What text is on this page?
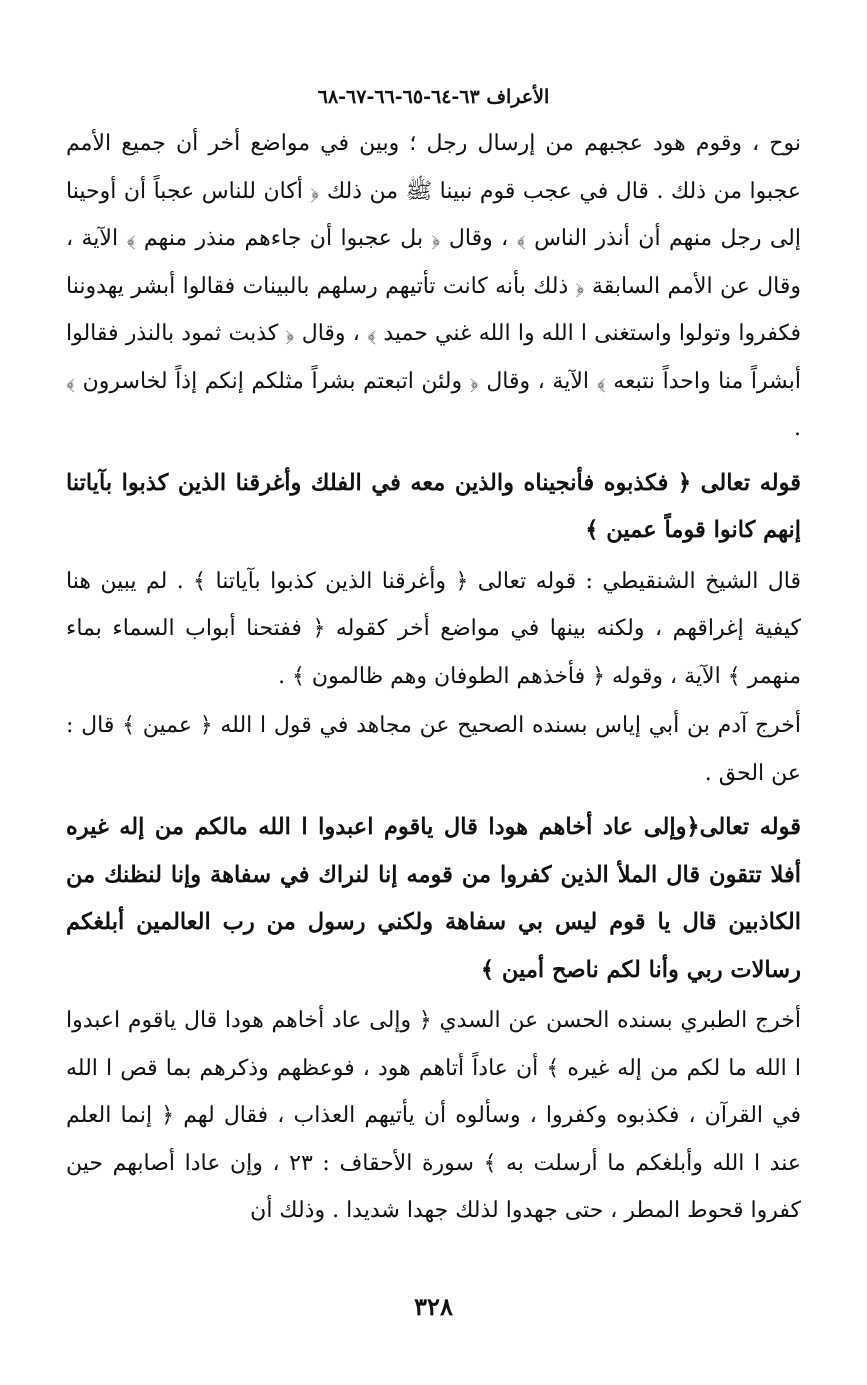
الأعراف ٦٣-٦٤-٦٥-٦٦-٦٧-٦٨

نوح ، وقوم هود عجبهم من إرسال رجل ؛ وبين في مواضع أخر أن جميع الأمم عجبوا من ذلك . قال في عجب قوم نبينا ﷺ من ذلك ﴿ أكان للناس عجباً أن أوحينا إلى رجل منهم أن أنذر الناس ﴾ ، وقال ﴿ بل عجبوا أن جاءهم منذر منهم ﴾ الآية ، وقال عن الأمم السابقة ﴿ ذلك بأنه كانت تأتيهم رسلهم بالبينات فقالوا أبشر يهدوننا فكفروا وتولوا واستغنى ا الله وا الله غني حميد ﴾ ، وقال ﴿ كذبت ثمود بالنذر فقالوا أبشراً منا واحداً نتبعه ﴾ الآية ، وقال ﴿ ولئن اتبعتم بشراً مثلكم إنكم إذاً لخاسرون ﴾ .

قوله تعالى ﴿ فكذبوه فأنجيناه والذين معه في الفلك وأغرقنا الذين كذبوا بآياتنا إنهم كانوا قوماً عمين ﴾

قال الشيخ الشنقيطي : قوله تعالى ﴿ وأغرقنا الذين كذبوا بآياتنا ﴾ . لم يبين هنا كيفية إغراقهم ، ولكنه بينها في مواضع أخر كقوله ﴿ ففتحنا أبواب السماء بماء منهمر ﴾ الآية ، وقوله ﴿ فأخذهم الطوفان وهم ظالمون ﴾ .

أخرج آدم بن أبي إياس بسنده الصحيح عن مجاهد في قول ا الله ﴿ عمين ﴾ قال : عن الحق .

قوله تعالى﴿وإلى عاد أخاهم هودا قال ياقوم اعبدوا ا الله مالكم من إله غيره أفلا تتقون قال الملأ الذين كفروا من قومه إنا لنراك في سفاهة وإنا لنظنك من الكاذبين قال يا قوم ليس بي سفاهة ولكني رسول من رب العالمين أبلغكم رسالات ربي وأنا لكم ناصح أمين ﴾

أخرج الطبري بسنده الحسن عن السدي ﴿ وإلى عاد أخاهم هودا قال ياقوم اعبدوا ا الله ما لكم من إله غيره ﴾ أن عاداً أتاهم هود ، فوعظهم وذكرهم بما قص ا الله في القرآن ، فكذبوه وكفروا ، وسألوه أن يأتيهم العذاب ، فقال لهم ﴿ إنما العلم عند ا الله وأبلغكم ما أرسلت به ﴾ سورة الأحقاف : ٢٣ ، وإن عادا أصابهم حين كفروا قحوط المطر ، حتى جهدوا لذلك جهدا شديدا . وذلك أن

٣٢٨
